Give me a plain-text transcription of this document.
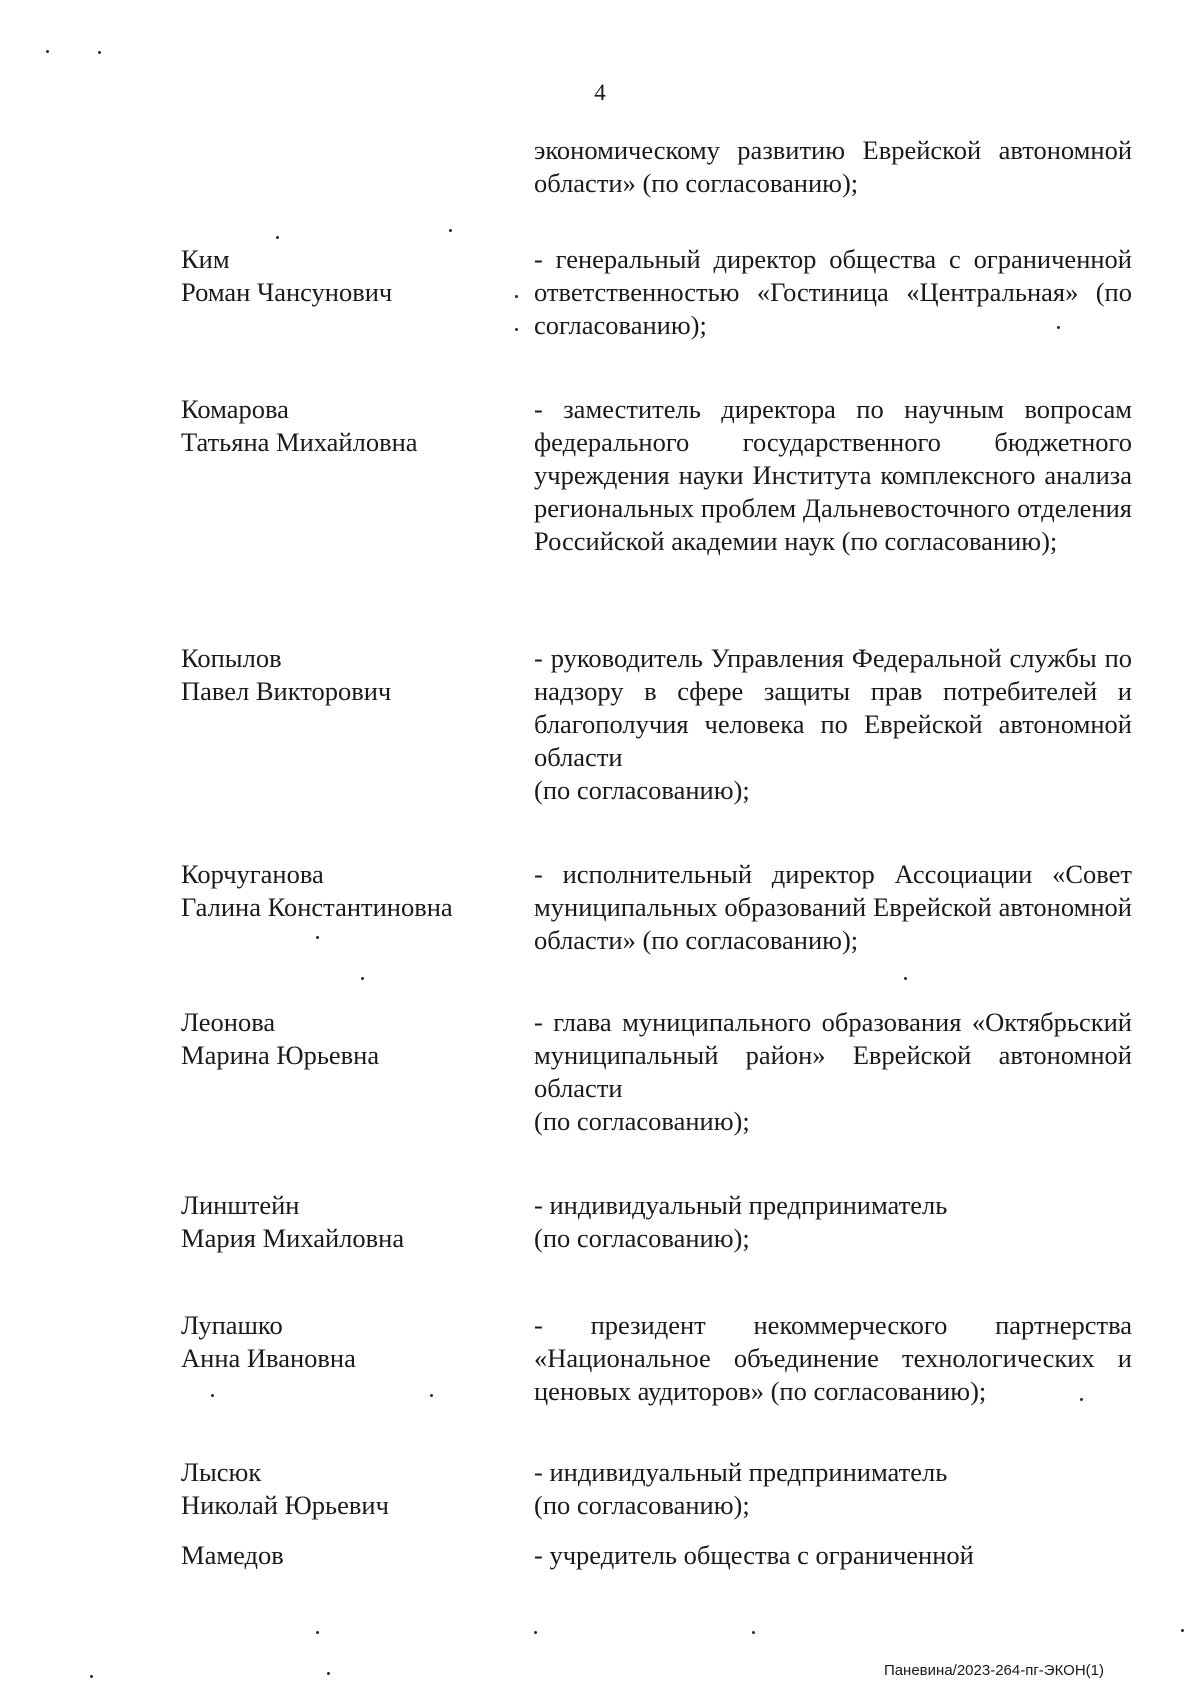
4
экономическому развитию Еврейской автономной области» (по согласованию);
Ким
Роман Чансунович
- генеральный директор общества с ограниченной ответственностью «Гостиница «Центральная» (по согласованию);
Комарова
Татьяна Михайловна
- заместитель директора по научным вопросам федерального государственного бюджетного учреждения науки Института комплексного анализа региональных проблем Дальневосточного отделения Российской академии наук (по согласованию);
Копылов
Павел Викторович
- руководитель Управления Федеральной службы по надзору в сфере защиты прав потребителей и благополучия человека по Еврейской автономной области
(по согласованию);
Корчуганова
Галина Константиновна
- исполнительный директор Ассоциации «Совет муниципальных образований Еврейской автономной области» (по согласованию);
Леонова
Марина Юрьевна
- глава муниципального образования «Октябрьский муниципальный район» Еврейской автономной области
(по согласованию);
Линштейн
Мария Михайловна
- индивидуальный предприниматель
(по согласованию);
Лупашко
Анна Ивановна
- президент некоммерческого партнерства «Национальное объединение технологических и ценовых аудиторов» (по согласованию);
Лысюк
Николай Юрьевич
- индивидуальный предприниматель
(по согласованию);
Мамедов	- учредитель общества с ограниченной
Паневина/2023-264-пг-ЭКОН(1)
